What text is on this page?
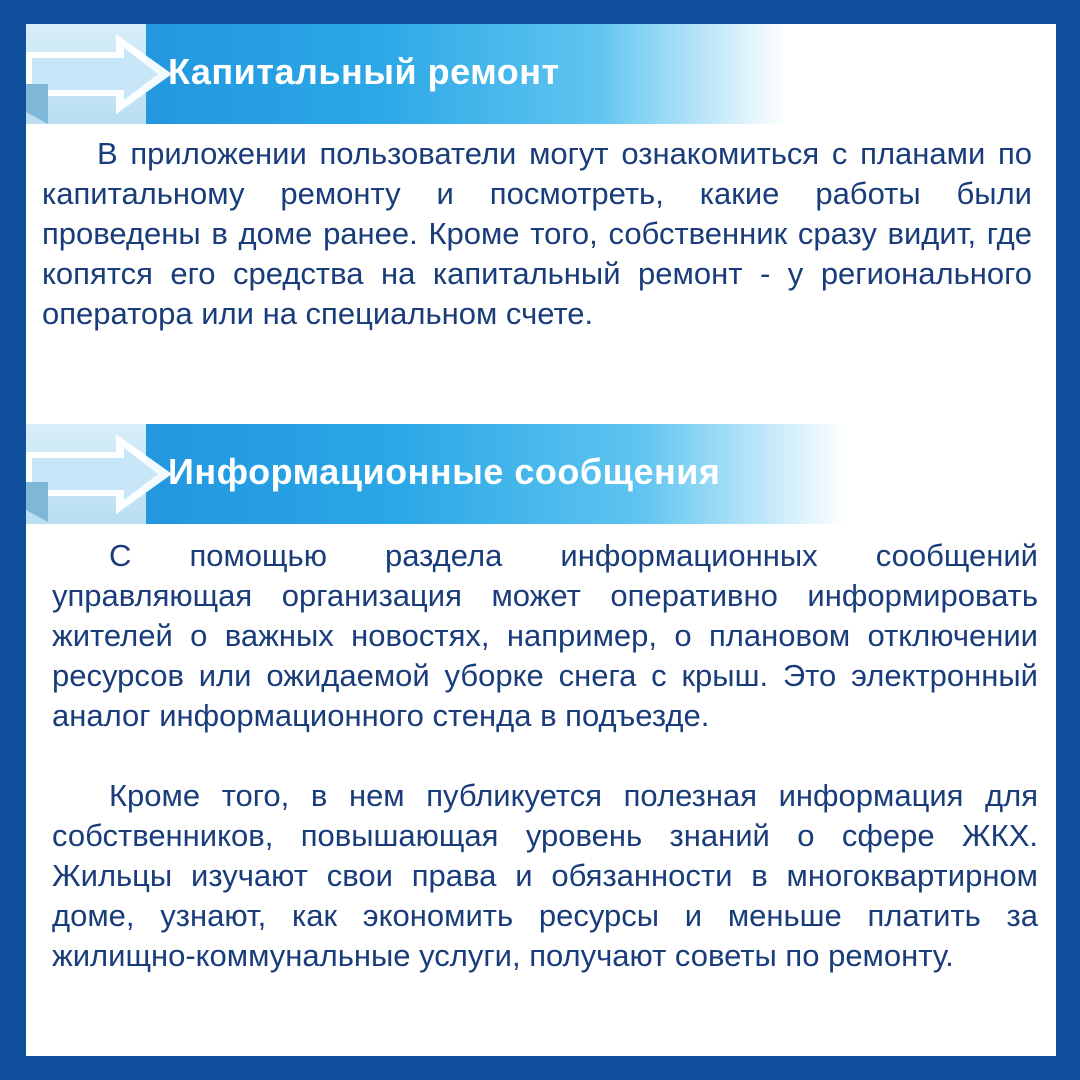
Капитальный ремонт

В приложении пользователи могут ознакомиться с планами по капитальному ремонту и посмотреть, какие работы были проведены в доме ранее. Кроме того, собственник сразу видит, где копятся его средства на капитальный ремонт - у регионального оператора или на специальном счете.

Информационные сообщения

С помощью раздела информационных сообщений управляющая организация может оперативно информировать жителей о важных новостях, например, о плановом отключении ресурсов или ожидаемой уборке снега с крыш. Это электронный аналог информационного стенда в подъезде.

Кроме того, в нем публикуется полезная информация для собственников, повышающая уровень знаний о сфере ЖКХ. Жильцы изучают свои права и обязанности в многоквартирном доме, узнают, как экономить ресурсы и меньше платить за жилищно-коммунальные услуги, получают советы по ремонту.
